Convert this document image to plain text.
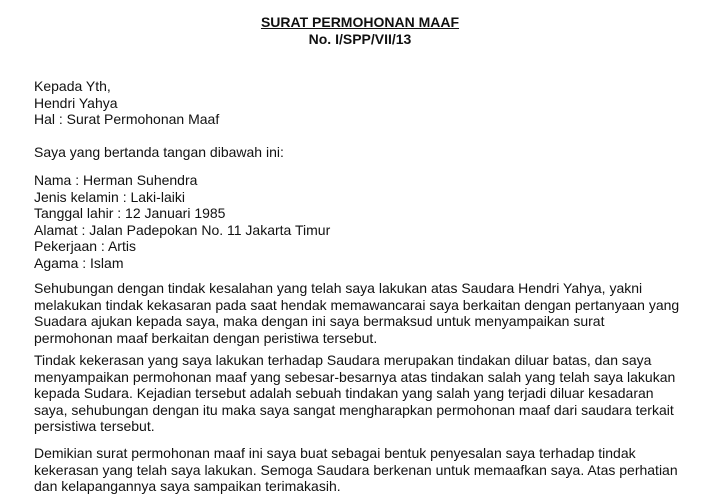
SURAT PERMOHONAN MAAF

No. I/SPP/VII/13

Kepada Yth,
Hendri Yahya
Hal : Surat Permohonan Maaf
Saya yang bertanda tangan dibawah ini:
Nama : Herman Suhendra
Jenis kelamin : Laki-laiki
Tanggal lahir : 12 Januari 1985
Alamat : Jalan Padepokan No. 11 Jakarta Timur
Pekerjaan : Artis
Agama : Islam
Sehubungan dengan tindak kesalahan yang telah saya lakukan atas Saudara Hendri Yahya, yakni
melakukan tindak kekasaran pada saat hendak memawancarai saya berkaitan dengan pertanyaan yang
Suadara ajukan kepada saya, maka dengan ini saya bermaksud untuk menyampaikan surat
permohonan maaf berkaitan dengan peristiwa tersebut.
Tindak kekerasan yang saya lakukan terhadap Saudara merupakan tindakan diluar batas, dan saya
menyampaikan permohonan maaf yang sebesar-besarnya atas tindakan salah yang telah saya lakukan
kepada Sudara. Kejadian tersebut adalah sebuah tindakan yang salah yang terjadi diluar kesadaran
saya, sehubungan dengan itu maka saya sangat mengharapkan permohonan maaf dari saudara terkait
persistiwa tersebut.
Demikian surat permohonan maaf ini saya buat sebagai bentuk penyesalan saya terhadap tindak
kekerasan yang telah saya lakukan. Semoga Saudara berkenan untuk memaafkan saya. Atas perhatian
dan kelapangannya saya sampaikan terimakasih.
